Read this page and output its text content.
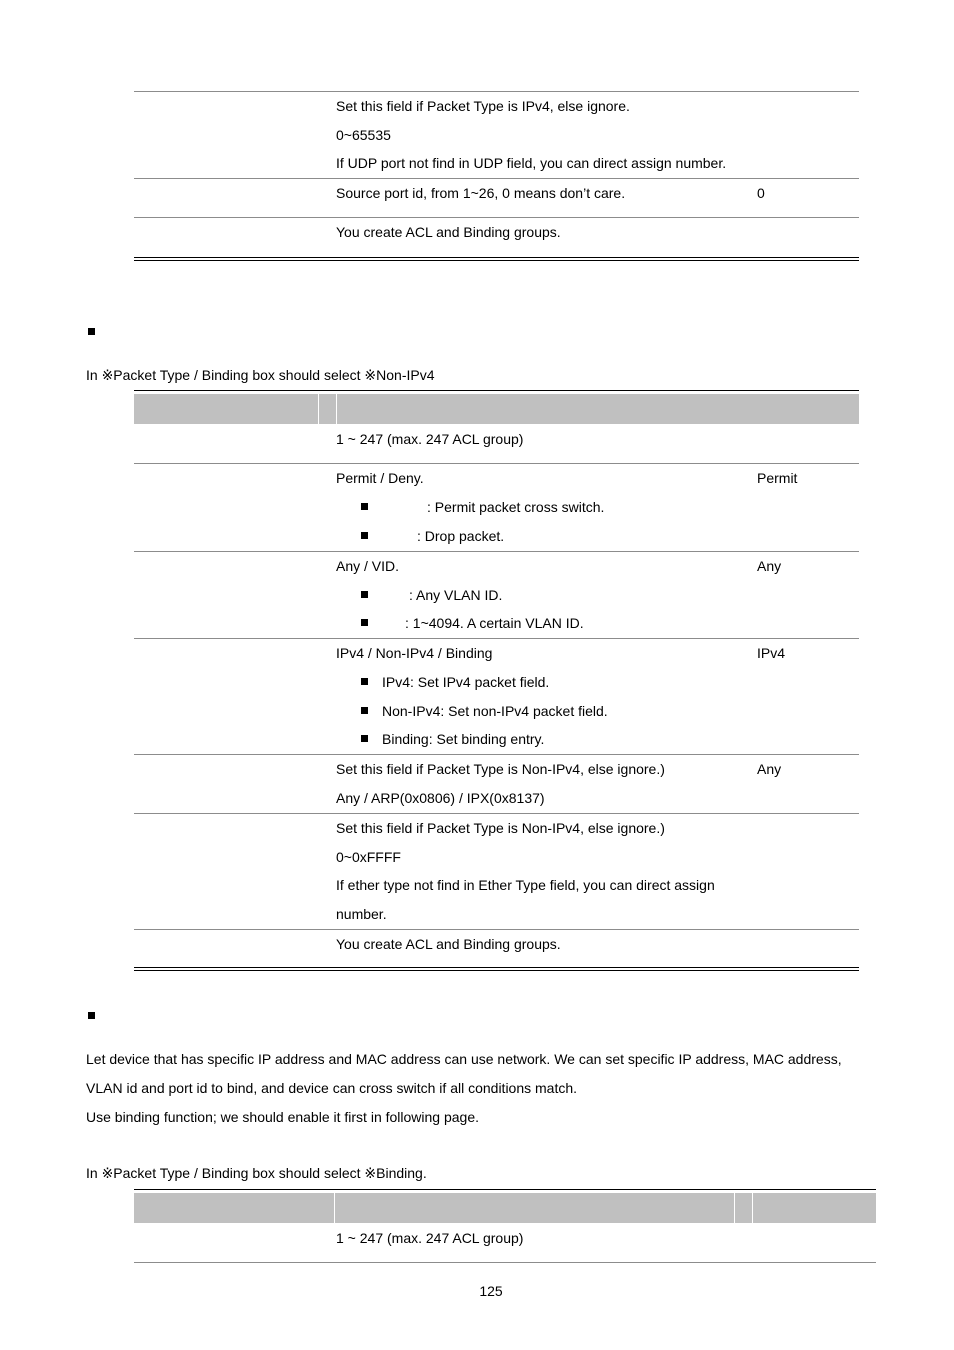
Set this field if Packet Type is IPv4, else ignore.
0~65535
If UDP port not find in UDP field, you can direct assign number.
Source port id, from 1~26, 0 means don’t care.	0
You create ACL and Binding groups.
In ※Packet Type / Binding box should select ※Non-IPv4
1 ~ 247 (max. 247 ACL group)
Permit / Deny.	Permit
: Permit packet cross switch.
: Drop packet.
Any / VID.	Any
: Any VLAN ID.
: 1~4094. A certain VLAN ID.
IPv4 / Non-IPv4 / Binding	IPv4
IPv4: Set IPv4 packet field.
Non-IPv4: Set non-IPv4 packet field.
Binding: Set binding entry.
Set this field if Packet Type is Non-IPv4, else ignore.)	Any
Any / ARP(0x0806) / IPX(0x8137)
Set this field if Packet Type is Non-IPv4, else ignore.)
0~0xFFFF
If ether type not find in Ether Type field, you can direct assign
number.
You create ACL and Binding groups.
Let device that has specific IP address and MAC address can use network. We can set specific IP address, MAC address,
VLAN id and port id to bind, and device can cross switch if all conditions match.
Use binding function; we should enable it first in following page.
In ※Packet Type / Binding box should select ※Binding.
1 ~ 247 (max. 247 ACL group)
125
